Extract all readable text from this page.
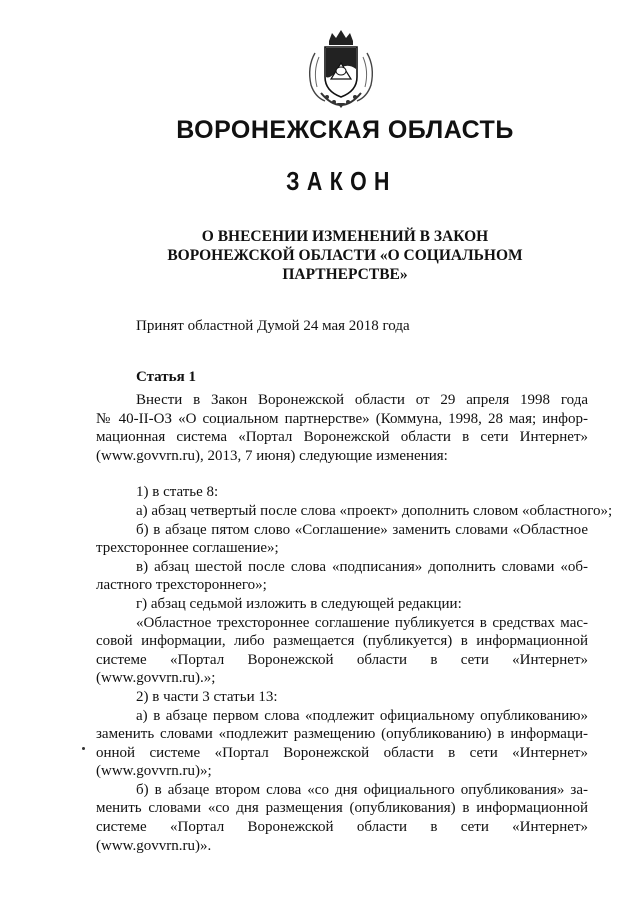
ВОРОНЕЖСКАЯ ОБЛАСТЬ
ЗАКОН
О ВНЕСЕНИИ ИЗМЕНЕНИЙ В ЗАКОН
ВОРОНЕЖСКОЙ ОБЛАСТИ «О СОЦИАЛЬНОМ
ПАРТНЕРСТВЕ»
Принят областной Думой 24 мая 2018 года
Статья 1
Внести в Закон Воронежской области от 29 апреля 1998 года
№ 40-II-ОЗ «О социальном партнерстве» (Коммуна, 1998, 28 мая; инфор-
мационная система «Портал Воронежской области в сети Интернет»
(www.govvrn.ru), 2013, 7 июня) следующие изменения:
1) в статье 8:
а) абзац четвертый после слова «проект» дополнить словом «областного»;
б) в абзаце пятом слово «Соглашение» заменить словами «Областное
трехстороннее соглашение»;
в) абзац шестой после слова «подписания» дополнить словами «об-
ластного трехстороннего»;
г) абзац седьмой изложить в следующей редакции:
«Областное трехстороннее соглашение публикуется в средствах мас-
совой информации, либо размещается (публикуется) в информационной
системе «Портал Воронежской области в сети «Интернет»
(www.govvrn.ru).»;
2) в части 3 статьи 13:
а) в абзаце первом слова «подлежит официальному опубликованию»
заменить словами «подлежит размещению (опубликованию) в информаци-
онной системе «Портал Воронежской области в сети «Интернет»
(www.govvrn.ru)»;
б) в абзаце втором слова «со дня официального опубликования» за-
менить словами «со дня размещения (опубликования) в информационной
системе «Портал Воронежской области в сети «Интернет»
(www.govvrn.ru)».
